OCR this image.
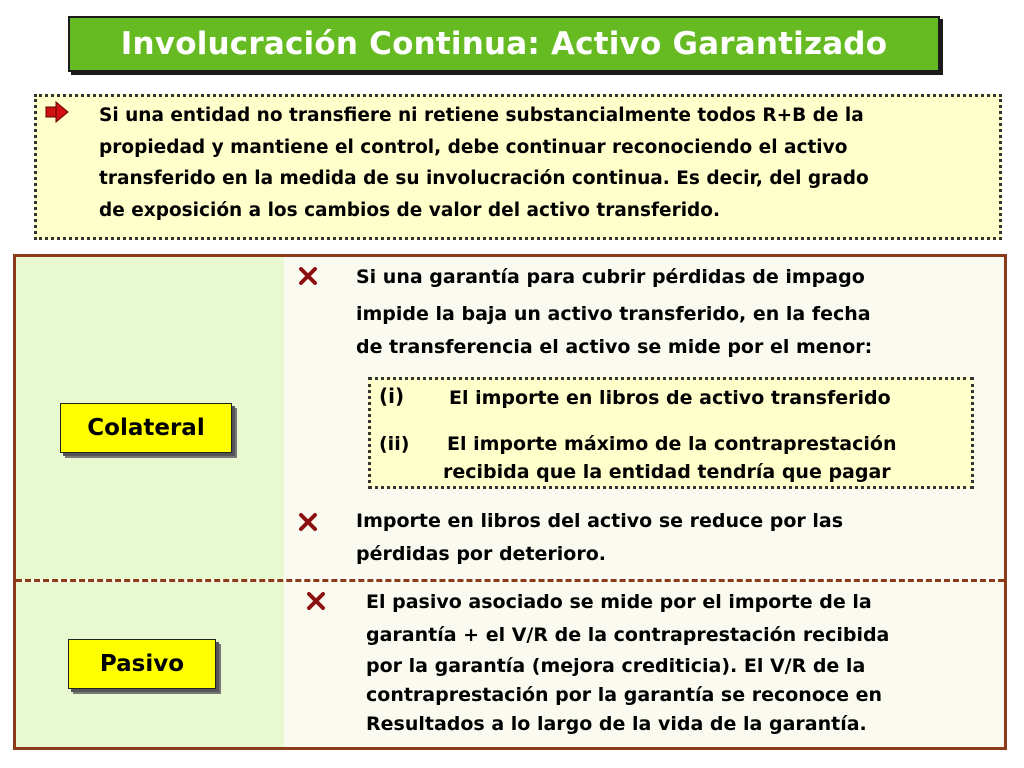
Involucración Continua: Activo Garantizado
Si una entidad no transfiere ni retiene substancialmente todos R+B de la
propiedad y mantiene el control, debe continuar reconociendo el activo
transferido en la medida de su involucración continua. Es decir, del grado
de exposición a los cambios de valor del activo transferido.
Colateral
Si una garantía para cubrir pérdidas de impago
impide la baja un activo transferido, en la fecha
de transferencia el activo se mide por el menor:
(i) El importe en libros de activo transferido
(ii) El importe máximo de la contraprestación
recibida que la entidad tendría que pagar
Importe en libros del activo se reduce por las
pérdidas por deterioro.
Pasivo
El pasivo asociado se mide por el importe de la
garantía + el V/R de la contraprestación recibida
por la garantía (mejora crediticia). El V/R de la
contraprestación por la garantía se reconoce en
Resultados a lo largo de la vida de la garantía.
